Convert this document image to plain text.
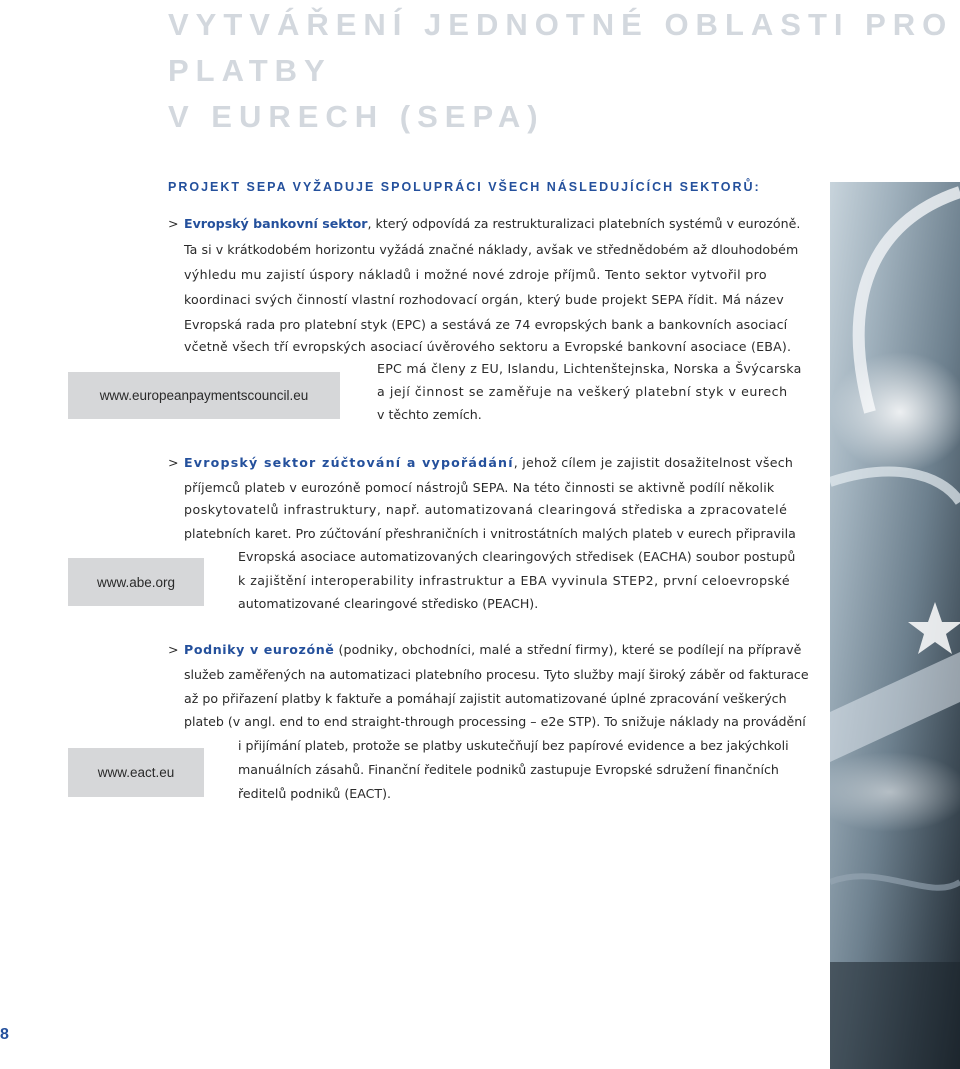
VYTVÁŘENÍ JEDNOTNÉ OBLASTI PRO PLATBY
V EURECH (SEPA)

PROJEKT SEPA VYŽADUJE SPOLUPRÁCI VŠECH NÁSLEDUJÍCÍCH SEKTORŮ:

> Evropský bankovní sektor, který odpovídá za restrukturalizaci platebních systémů v eurozóně.

Ta si v krátkodobém horizontu vyžádá značné náklady, avšak ve střednědobém až dlouhodobém

výhledu mu zajistí úspory nákladů i možné nové zdroje příjmů. Tento sektor vytvořil pro

koordinaci svých činností vlastní rozhodovací orgán, který bude projekt SEPA řídit. Má název

Evropská rada pro platební styk (EPC) a sestává ze 74 evropských bank a bankovních asociací

včetně všech tří evropských asociací úvěrového sektoru a Evropské bankovní asociace (EBA).

EPC má členy z EU, Islandu, Lichtenštejnska, Norska a Švýcarska

a její činnost se zaměřuje na veškerý platební styk v eurech

v těchto zemích.

www.europeanpaymentscouncil.eu
> Evropský sektor zúčtování a vypořádání, jehož cílem je zajistit dosažitelnost všech

příjemců plateb v eurozóně pomocí nástrojů SEPA. Na této činnosti se aktivně podílí několik

poskytovatelů infrastruktury, např. automatizovaná clearingová střediska a zpracovatelé

platebních karet. Pro zúčtování přeshraničních i vnitrostátních malých plateb v eurech připravila

Evropská asociace automatizovaných clearingových středisek (EACHA) soubor postupů

k zajištění interoperability infrastruktur a EBA vyvinula STEP2, první celoevropské

automatizované clearingové středisko (PEACH).

www.abe.org
> Podniky v eurozóně (podniky, obchodníci, malé a střední firmy), které se podílejí na přípravě

služeb zaměřených na automatizaci platebního procesu. Tyto služby mají široký záběr od fakturace

až po přiřazení platby k faktuře a pomáhají zajistit automatizované úplné zpracování veškerých

plateb (v angl. end to end straight-through processing – e2e STP). To snižuje náklady na provádění

i přijímání plateb, protože se platby uskutečňují bez papírové evidence a bez jakýchkoli

manuálních zásahů. Finanční ředitele podniků zastupuje Evropské sdružení finančních

ředitelů podniků (EACT).

www.eact.eu
8
